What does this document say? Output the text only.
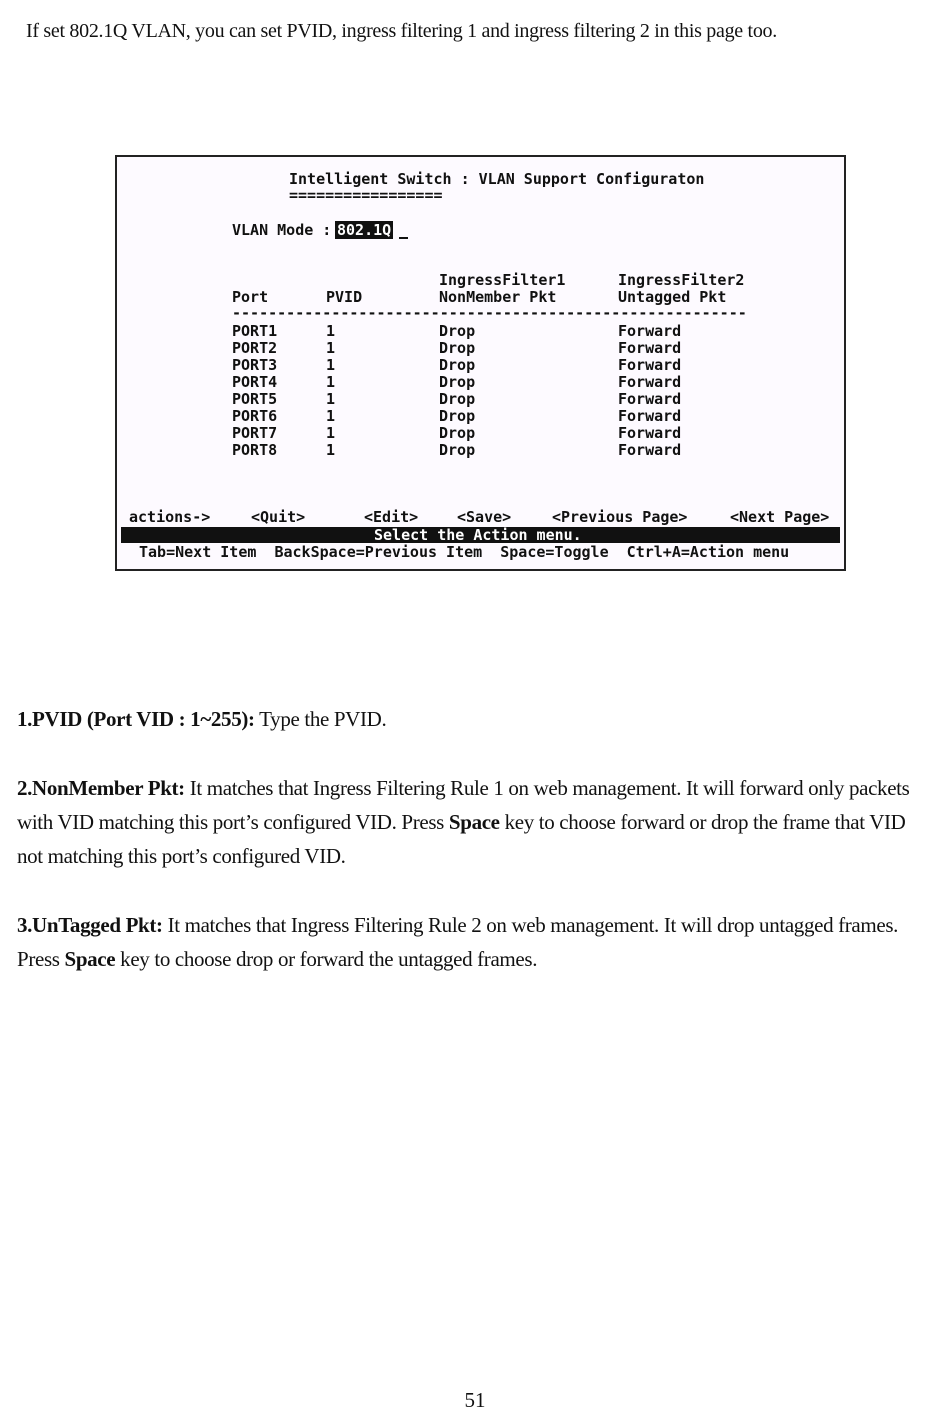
If set 802.1Q VLAN, you can set PVID, ingress filtering 1 and ingress filtering 2 in this page too.
Intelligent Switch : VLAN Support Configuraton
=================
VLAN Mode : 802.1Q
IngressFilter1	IngressFilter2
Port	PVID	NonMember Pkt	Untagged Pkt
---------------------------------------------------------
PORT1	1	Drop	Forward
PORT2	1	Drop	Forward
PORT3	1	Drop	Forward
PORT4	1	Drop	Forward
PORT5	1	Drop	Forward
PORT6	1	Drop	Forward
PORT7	1	Drop	Forward
PORT8	1	Drop	Forward
actions->	<Quit>	<Edit>	<Save>	<Previous Page>	<Next Page>
Select the Action menu.
Tab=Next Item  BackSpace=Previous Item  Space=Toggle  Ctrl+A=Action menu
1.PVID (Port VID : 1~255): Type the PVID.
2.NonMember Pkt: It matches that Ingress Filtering Rule 1 on web management. It will forward only packets with VID matching this port’s configured VID. Press Space key to choose forward or drop the frame that VID not matching this port’s configured VID.
3.UnTagged Pkt: It matches that Ingress Filtering Rule 2 on web management. It will drop untagged frames. Press Space key to choose drop or forward the untagged frames.
51
